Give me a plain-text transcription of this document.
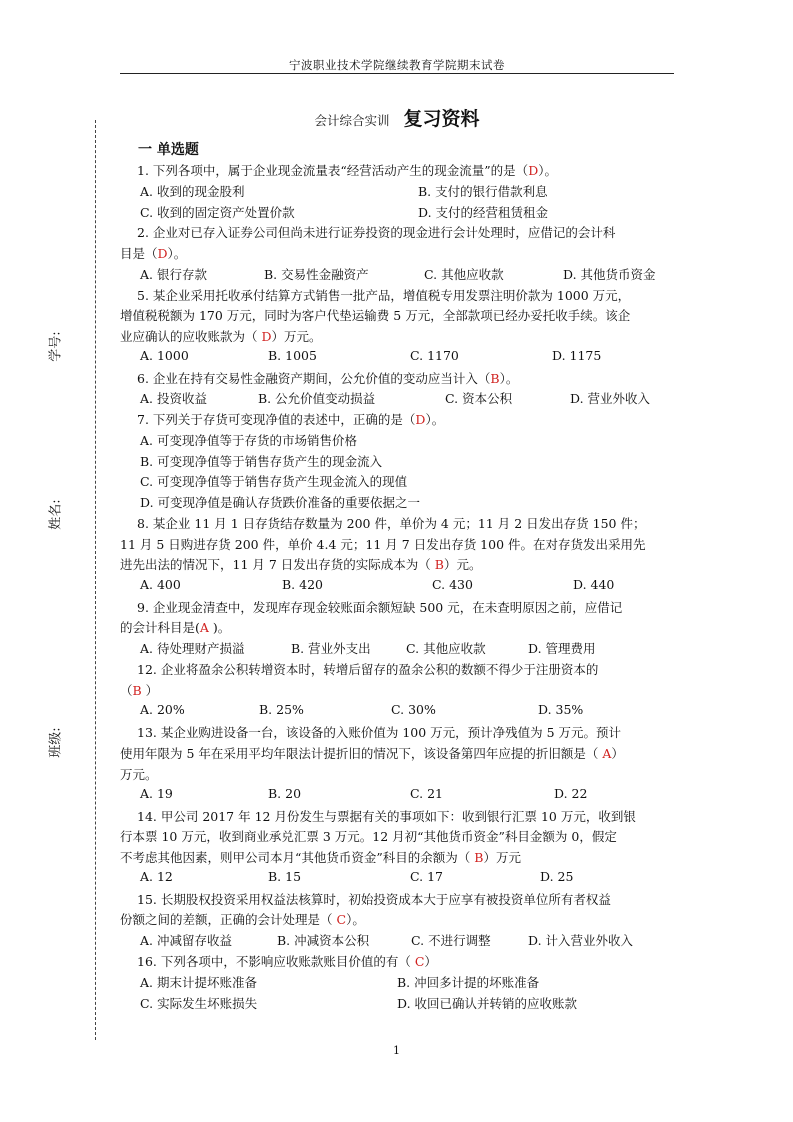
宁波职业技术学院继续教育学院期末试卷
学号:
姓名:
班级:
会计综合实训 复习资料
一 单选题
1. 下列各项中，属于企业现金流量表“经营活动产生的现金流量”的是（D）。
A. 收到的现金股利	B. 支付的银行借款利息
C. 收到的固定资产处置价款	D. 支付的经营租赁租金
2. 企业对已存入证券公司但尚未进行证券投资的现金进行会计处理时，应借记的会计科
目是（D）。
A. 银行存款	B. 交易性金融资产	C. 其他应收款	D. 其他货币资金
5. 某企业采用托收承付结算方式销售一批产品，增值税专用发票注明价款为 1000 万元，
增值税税额为 170 万元，同时为客户代垫运输费 5 万元，全部款项已经办妥托收手续。该企
业应确认的应收账款为（ D）万元。
A. 1000	B. 1005	C. 1170	D. 1175
6. 企业在持有交易性金融资产期间，公允价值的变动应当计入（B）。
A. 投资收益	B. 公允价值变动损益	C. 资本公积	D. 营业外收入
7. 下列关于存货可变现净值的表述中，正确的是（D）。
A. 可变现净值等于存货的市场销售价格
B. 可变现净值等于销售存货产生的现金流入
C. 可变现净值等于销售存货产生现金流入的现值
D. 可变现净值是确认存货跌价准备的重要依据之一
8. 某企业 11 月 1 日存货结存数量为 200 件，单价为 4 元；11 月 2 日发出存货 150 件；
11 月 5 日购进存货 200 件，单价 4.4 元；11 月 7 日发出存货 100 件。在对存货发出采用先
进先出法的情况下，11 月 7 日发出存货的实际成本为（ B）元。
A. 400	B. 420	C. 430	D. 440
9. 企业现金清查中，发现库存现金较账面余额短缺 500 元，在未查明原因之前，应借记
的会计科目是(A )。
A. 待处理财产损溢	B. 营业外支出	C. 其他应收款	D. 管理费用
12. 企业将盈余公积转增资本时，转增后留存的盈余公积的数额不得少于注册资本的
（B ）
A. 20%	B. 25%	C. 30%	D. 35%
13. 某企业购进设备一台，该设备的入账价值为 100 万元，预计净残值为 5 万元。预计
使用年限为 5 年在采用平均年限法计提折旧的情况下，该设备第四年应提的折旧额是（ A）
万元。
A. 19	B. 20	C. 21	D. 22
14. 甲公司 2017 年 12 月份发生与票据有关的事项如下：收到银行汇票 10 万元，收到银
行本票 10 万元，收到商业承兑汇票 3 万元。12 月初“其他货币资金”科目金额为 0，假定
不考虑其他因素，则甲公司本月“其他货币资金”科目的余额为（ B）万元
A. 12	B. 15	C. 17	D. 25
15. 长期股权投资采用权益法核算时，初始投资成本大于应享有被投资单位所有者权益
份额之间的差额，正确的会计处理是（ C）。
A. 冲减留存收益	B. 冲减资本公积	C. 不进行调整	D. 计入营业外收入
16. 下列各项中，不影响应收账款账目价值的有（ C）
A. 期末计提坏账准备	B. 冲回多计提的坏账准备
C. 实际发生坏账损失	D. 收回已确认并转销的应收账款
1
